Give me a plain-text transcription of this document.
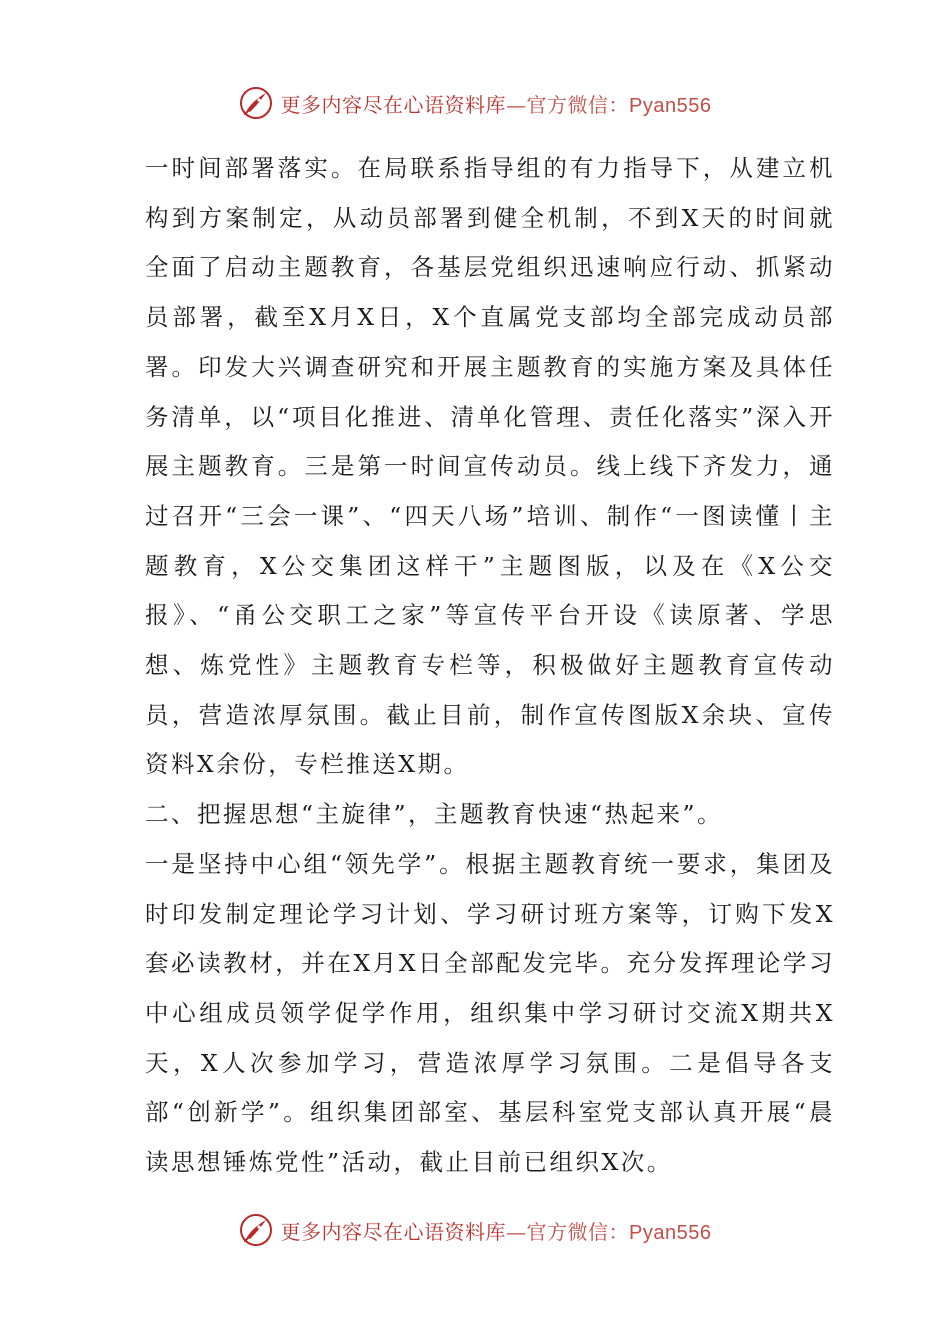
更多内容尽在心语资料库—官方微信：Pyan556

一时间部署落实。在局联系指导组的有力指导下，从建立机构到方案制定，从动员部署到健全机制，不到X天的时间就全面了启动主题教育，各基层党组织迅速响应行动、抓紧动员部署，截至X月X日，X个直属党支部均全部完成动员部署。印发大兴调查研究和开展主题教育的实施方案及具体任务清单，以“项目化推进、清单化管理、责任化落实”深入开展主题教育。三是第一时间宣传动员。线上线下齐发力，通过召开“三会一课”、“四天八场”培训、制作“一图读懂丨主题教育，X公交集团这样干”主题图版，以及在《X公交报》、“甬公交职工之家”等宣传平台开设《读原著、学思想、炼党性》主题教育专栏等，积极做好主题教育宣传动员，营造浓厚氛围。截止目前，制作宣传图版X余块、宣传资料X余份，专栏推送X期。

二、把握思想“主旋律”，主题教育快速“热起来”。

一是坚持中心组“领先学”。根据主题教育统一要求，集团及时印发制定理论学习计划、学习研讨班方案等，订购下发X套必读教材，并在X月X日全部配发完毕。充分发挥理论学习中心组成员领学促学作用，组织集中学习研讨交流X期共X天，X人次参加学习，营造浓厚学习氛围。二是倡导各支部“创新学”。组织集团部室、基层科室党支部认真开展“晨读思想锤炼党性”活动，截止目前已组织X次。

更多内容尽在心语资料库—官方微信：Pyan556
